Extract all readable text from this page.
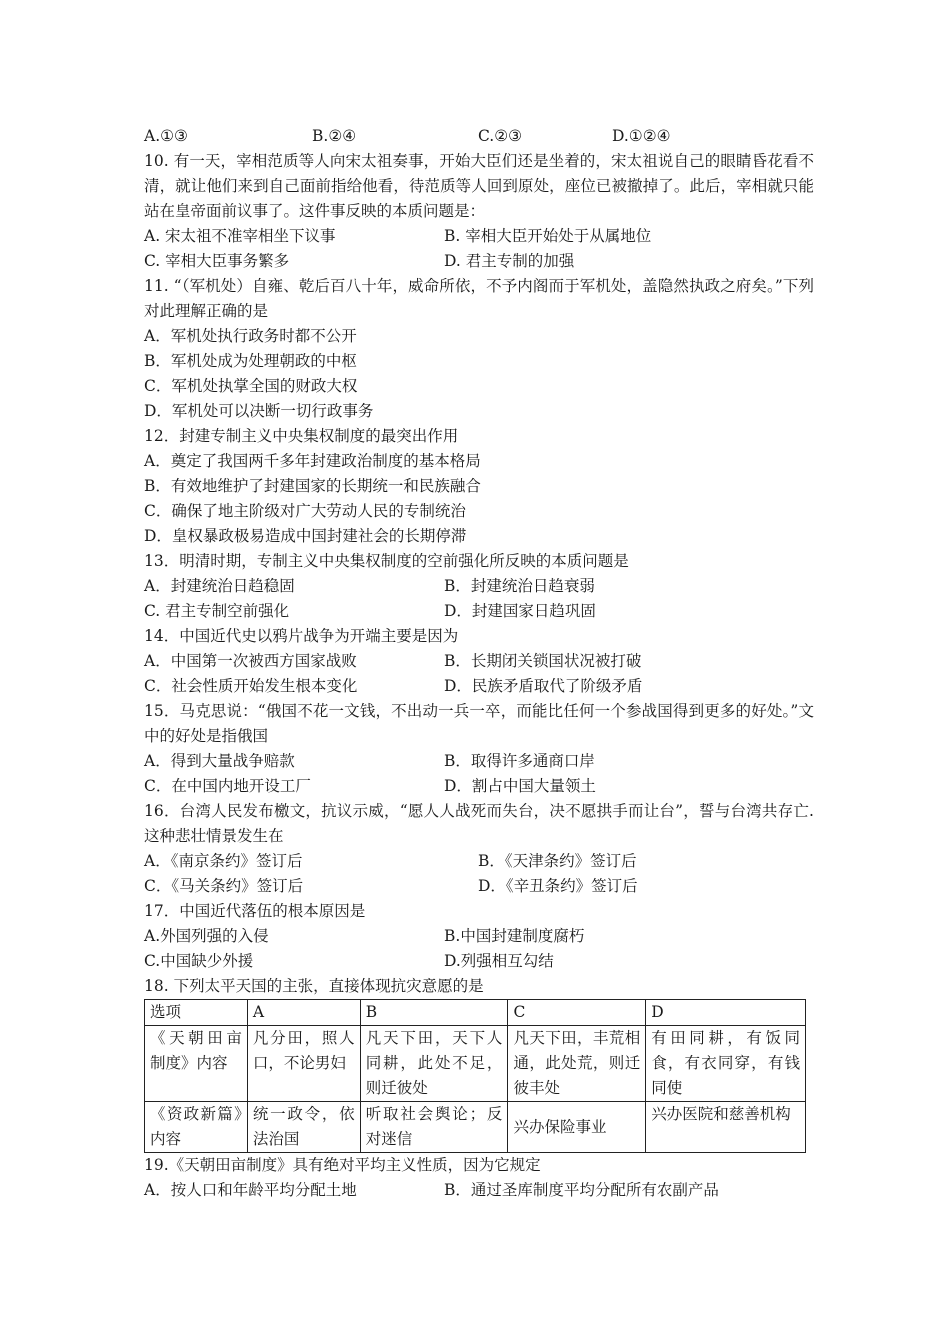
A.①③	B.②④	C.②③	D.①②④
10. 有一天，宰相范质等人向宋太祖奏事，开始大臣们还是坐着的，宋太祖说自己的眼睛昏花看不清，就让他们来到自己面前指给他看，待范质等人回到原处，座位已被撤掉了。此后，宰相就只能站在皇帝面前议事了。这件事反映的本质问题是：
A. 宋太祖不准宰相坐下议事	B. 宰相大臣开始处于从属地位
C. 宰相大臣事务繁多	D. 君主专制的加强
11. “（军机处）自雍、乾后百八十年，威命所依，不予内阁而于军机处，盖隐然执政之府矣。”下列对此理解正确的是
A．军机处执行政务时都不公开
B．军机处成为处理朝政的中枢
C．军机处执掌全国的财政大权
D．军机处可以决断一切行政事务
12．封建专制主义中央集权制度的最突出作用
A．奠定了我国两千多年封建政治制度的基本格局
B．有效地维护了封建国家的长期统一和民族融合
C．确保了地主阶级对广大劳动人民的专制统治
D．皇权暴政极易造成中国封建社会的长期停滞
13．明清时期，专制主义中央集权制度的空前强化所反映的本质问题是
A．封建统治日趋稳固	B．封建统治日趋衰弱
C. 君主专制空前强化	D．封建国家日趋巩固
14．中国近代史以鸦片战争为开端主要是因为
A．中国第一次被西方国家战败	B．长期闭关锁国状况被打破
C．社会性质开始发生根本变化	D．民族矛盾取代了阶级矛盾
15．马克思说：“俄国不花一文钱，不出动一兵一卒，而能比任何一个参战国得到更多的好处。”文中的好处是指俄国
A．得到大量战争赔款	B．取得许多通商口岸
C．在中国内地开设工厂	D．割占中国大量领土
16．台湾人民发布檄文，抗议示威，“愿人人战死而失台，决不愿拱手而让台”，誓与台湾共存亡.这种悲壮情景发生在
A．《南京条约》签订后	B．《天津条约》签订后
C．《马关条约》签订后	D．《辛丑条约》签订后
17．中国近代落伍的根本原因是
A.外国列强的入侵	B.中国封建制度腐朽
C.中国缺少外援	D.列强相互勾结
18. 下列太平天国的主张，直接体现抗灾意愿的是
选项	A	B	C	D
《天朝田亩制度》内容	凡分田，照人口，不论男妇	凡天下田，天下人同耕，此处不足，则迁彼处	凡天下田，丰荒相通，此处荒，则迁彼丰处	有田同耕，有饭同食，有衣同穿，有钱同使
《资政新篇》内容	统一政令，依法治国	听取社会舆论；反对迷信	兴办保险事业	兴办医院和慈善机构
19.《天朝田亩制度》具有绝对平均主义性质，因为它规定
A．按人口和年龄平均分配土地	B．通过圣库制度平均分配所有农副产品
